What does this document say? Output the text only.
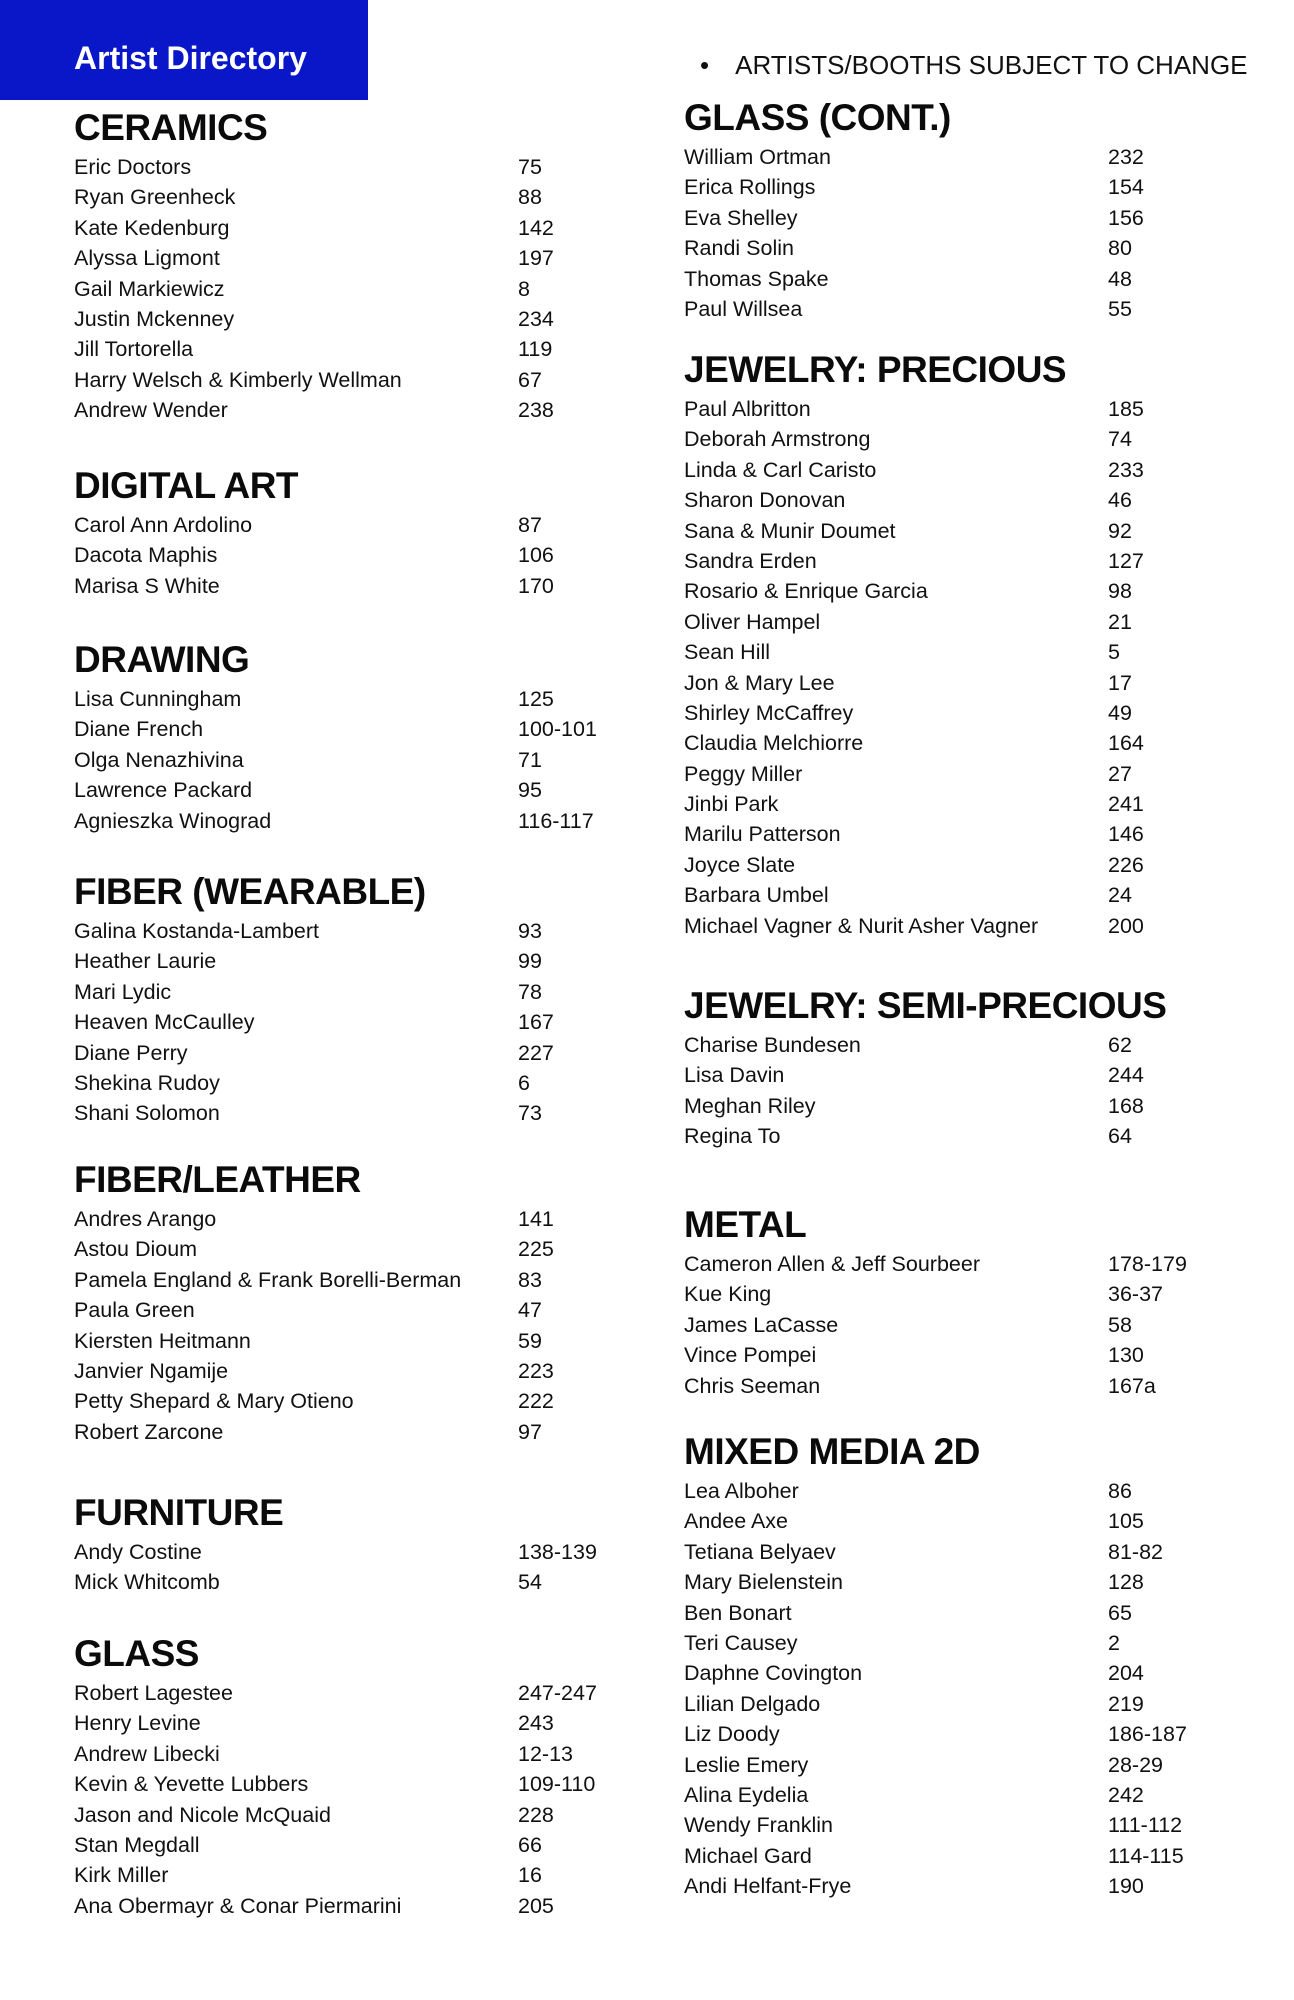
Artist Directory	• ARTISTS/BOOTHS SUBJECT TO CHANGE
CERAMICS
Eric Doctors	75
Ryan Greenheck	88
Kate Kedenburg	142
Alyssa Ligmont	197
Gail Markiewicz	8
Justin Mckenney	234
Jill Tortorella	119
Harry Welsch & Kimberly Wellman	67
Andrew Wender	238
DIGITAL ART
Carol Ann Ardolino	87
Dacota Maphis	106
Marisa S White	170
DRAWING
Lisa Cunningham	125
Diane French	100-101
Olga Nenazhivina	71
Lawrence Packard	95
Agnieszka Winograd	116-117
FIBER (WEARABLE)
Galina Kostanda-Lambert	93
Heather Laurie	99
Mari Lydic	78
Heaven McCaulley	167
Diane Perry	227
Shekina Rudoy	6
Shani Solomon	73
FIBER/LEATHER
Andres Arango	141
Astou Dioum	225
Pamela England & Frank Borelli-Berman	83
Paula Green	47
Kiersten Heitmann	59
Janvier Ngamije	223
Petty Shepard & Mary Otieno	222
Robert Zarcone	97
FURNITURE
Andy Costine	138-139
Mick Whitcomb	54
GLASS
Robert Lagestee	247-247
Henry Levine	243
Andrew Libecki	12-13
Kevin & Yevette Lubbers	109-110
Jason and Nicole McQuaid	228
Stan Megdall	66
Kirk Miller	16
Ana Obermayr & Conar Piermarini	205
GLASS (CONT.)
William Ortman	232
Erica Rollings	154
Eva Shelley	156
Randi Solin	80
Thomas Spake	48
Paul Willsea	55
JEWELRY: PRECIOUS
Paul Albritton	185
Deborah Armstrong	74
Linda & Carl Caristo	233
Sharon Donovan	46
Sana & Munir Doumet	92
Sandra Erden	127
Rosario & Enrique Garcia	98
Oliver Hampel	21
Sean Hill	5
Jon & Mary Lee	17
Shirley McCaffrey	49
Claudia Melchiorre	164
Peggy Miller	27
Jinbi Park	241
Marilu Patterson	146
Joyce Slate	226
Barbara Umbel	24
Michael Vagner & Nurit Asher Vagner	200
JEWELRY: SEMI-PRECIOUS
Charise Bundesen	62
Lisa Davin	244
Meghan Riley	168
Regina To	64
METAL
Cameron Allen & Jeff Sourbeer	178-179
Kue King	36-37
James LaCasse	58
Vince Pompei	130
Chris Seeman	167a
MIXED MEDIA 2D
Lea Alboher	86
Andee Axe	105
Tetiana Belyaev	81-82
Mary Bielenstein	128
Ben Bonart	65
Teri Causey	2
Daphne Covington	204
Lilian Delgado	219
Liz Doody	186-187
Leslie Emery	28-29
Alina Eydelia	242
Wendy Franklin	111-112
Michael Gard	114-115
Andi Helfant-Frye	190
